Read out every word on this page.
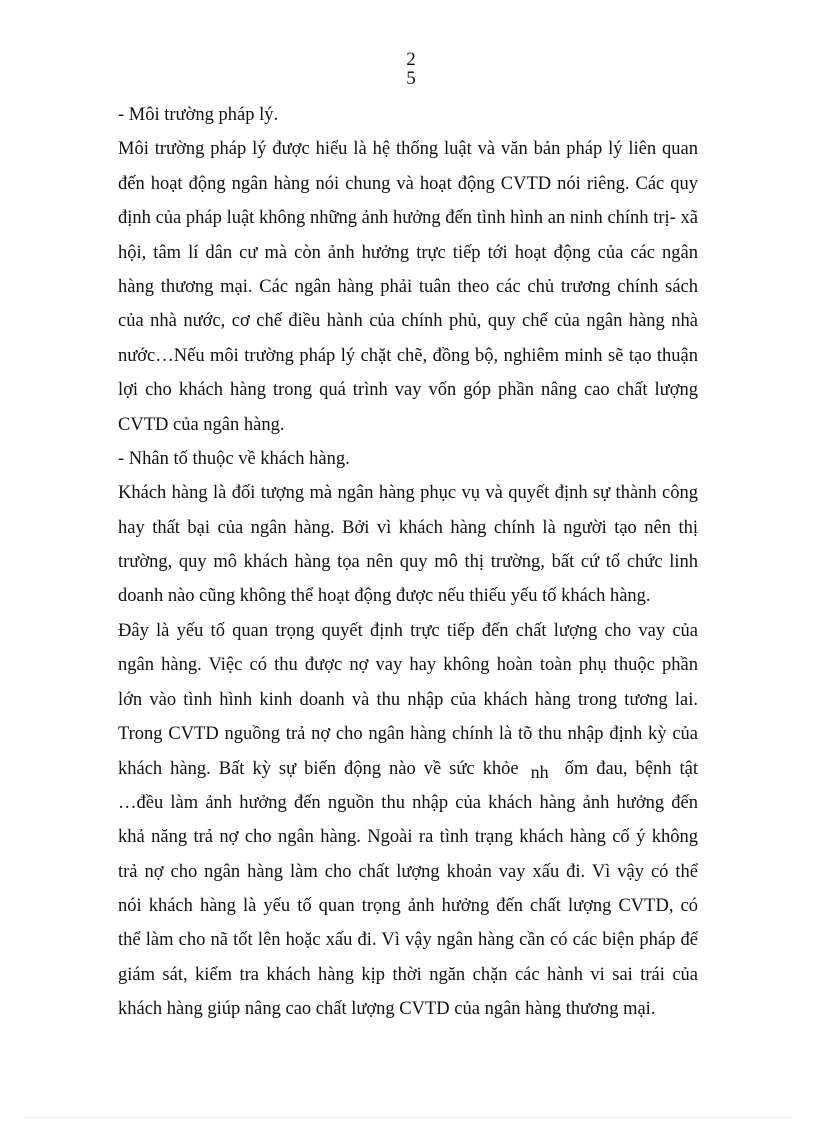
2
5
- Môi trường pháp lý.
Môi trường pháp lý được hiểu là hệ thống luật và văn bản pháp lý liên quan
đến hoạt động ngân hàng nói chung và hoạt động CVTD nói riêng. Các quy
định của pháp luật không những ảnh hưởng đến tình hình an ninh chính trị- xã
hội, tâm lí dân cư mà còn ảnh hưởng trực tiếp tới hoạt động của các ngân
hàng thương mại. Các ngân hàng phải tuân theo các chủ trương chính sách
của nhà nước, cơ chế điều hành của chính phủ, quy chế của ngân hàng nhà
nước…Nếu môi trường pháp lý chặt chẽ, đồng bộ, nghiêm minh sẽ tạo thuận
lợi cho khách hàng trong quá trình vay vốn góp phần nâng cao chất lượng
CVTD của ngân hàng.
- Nhân tố thuộc về khách hàng.
Khách hàng là đối tượng mà ngân hàng phục vụ và quyết định sự thành công
hay thất bại của ngân hàng. Bởi vì khách hàng chính là người tạo nên thị
trường, quy mô khách hàng tọa nên quy mô thị trường, bất cứ tổ chức linh
doanh nào cũng không thể hoạt động được nếu thiếu yếu tố khách hàng.
Đây là yếu tố quan trọng quyết định trực tiếp đến chất lượng cho vay của
ngân hàng. Việc có thu được nợ vay hay không hoàn toàn phụ thuộc phần
lớn vào tình hình kinh doanh và thu nhập của khách hàng trong tương lai.
Trong CVTD nguồng trả nợ cho ngân hàng chính là tõ thu nhập định kỳ của
khách hàng. Bất kỳ sự biến động nào về sức khỏe nh ốm đau, bệnh tật
…đều làm ảnh hưởng đến nguồn thu nhập của khách hàng ảnh hưởng đến
khả năng trả nợ cho ngân hàng. Ngoài ra tình trạng khách hàng cố ý không
trả nợ cho ngân hàng làm cho chất lượng khoản vay xấu đi. Vì vậy có thể
nói khách hàng là yếu tố quan trọng ảnh hưởng đến chất lượng CVTD, có
thể làm cho nã tốt lên hoặc xấu đi. Vì vậy ngân hàng cần có các biện pháp để
giám sát, kiểm tra khách hàng kịp thời ngăn chặn các hành vi sai trái của
khách hàng giúp nâng cao chất lượng CVTD của ngân hàng thương mại.
